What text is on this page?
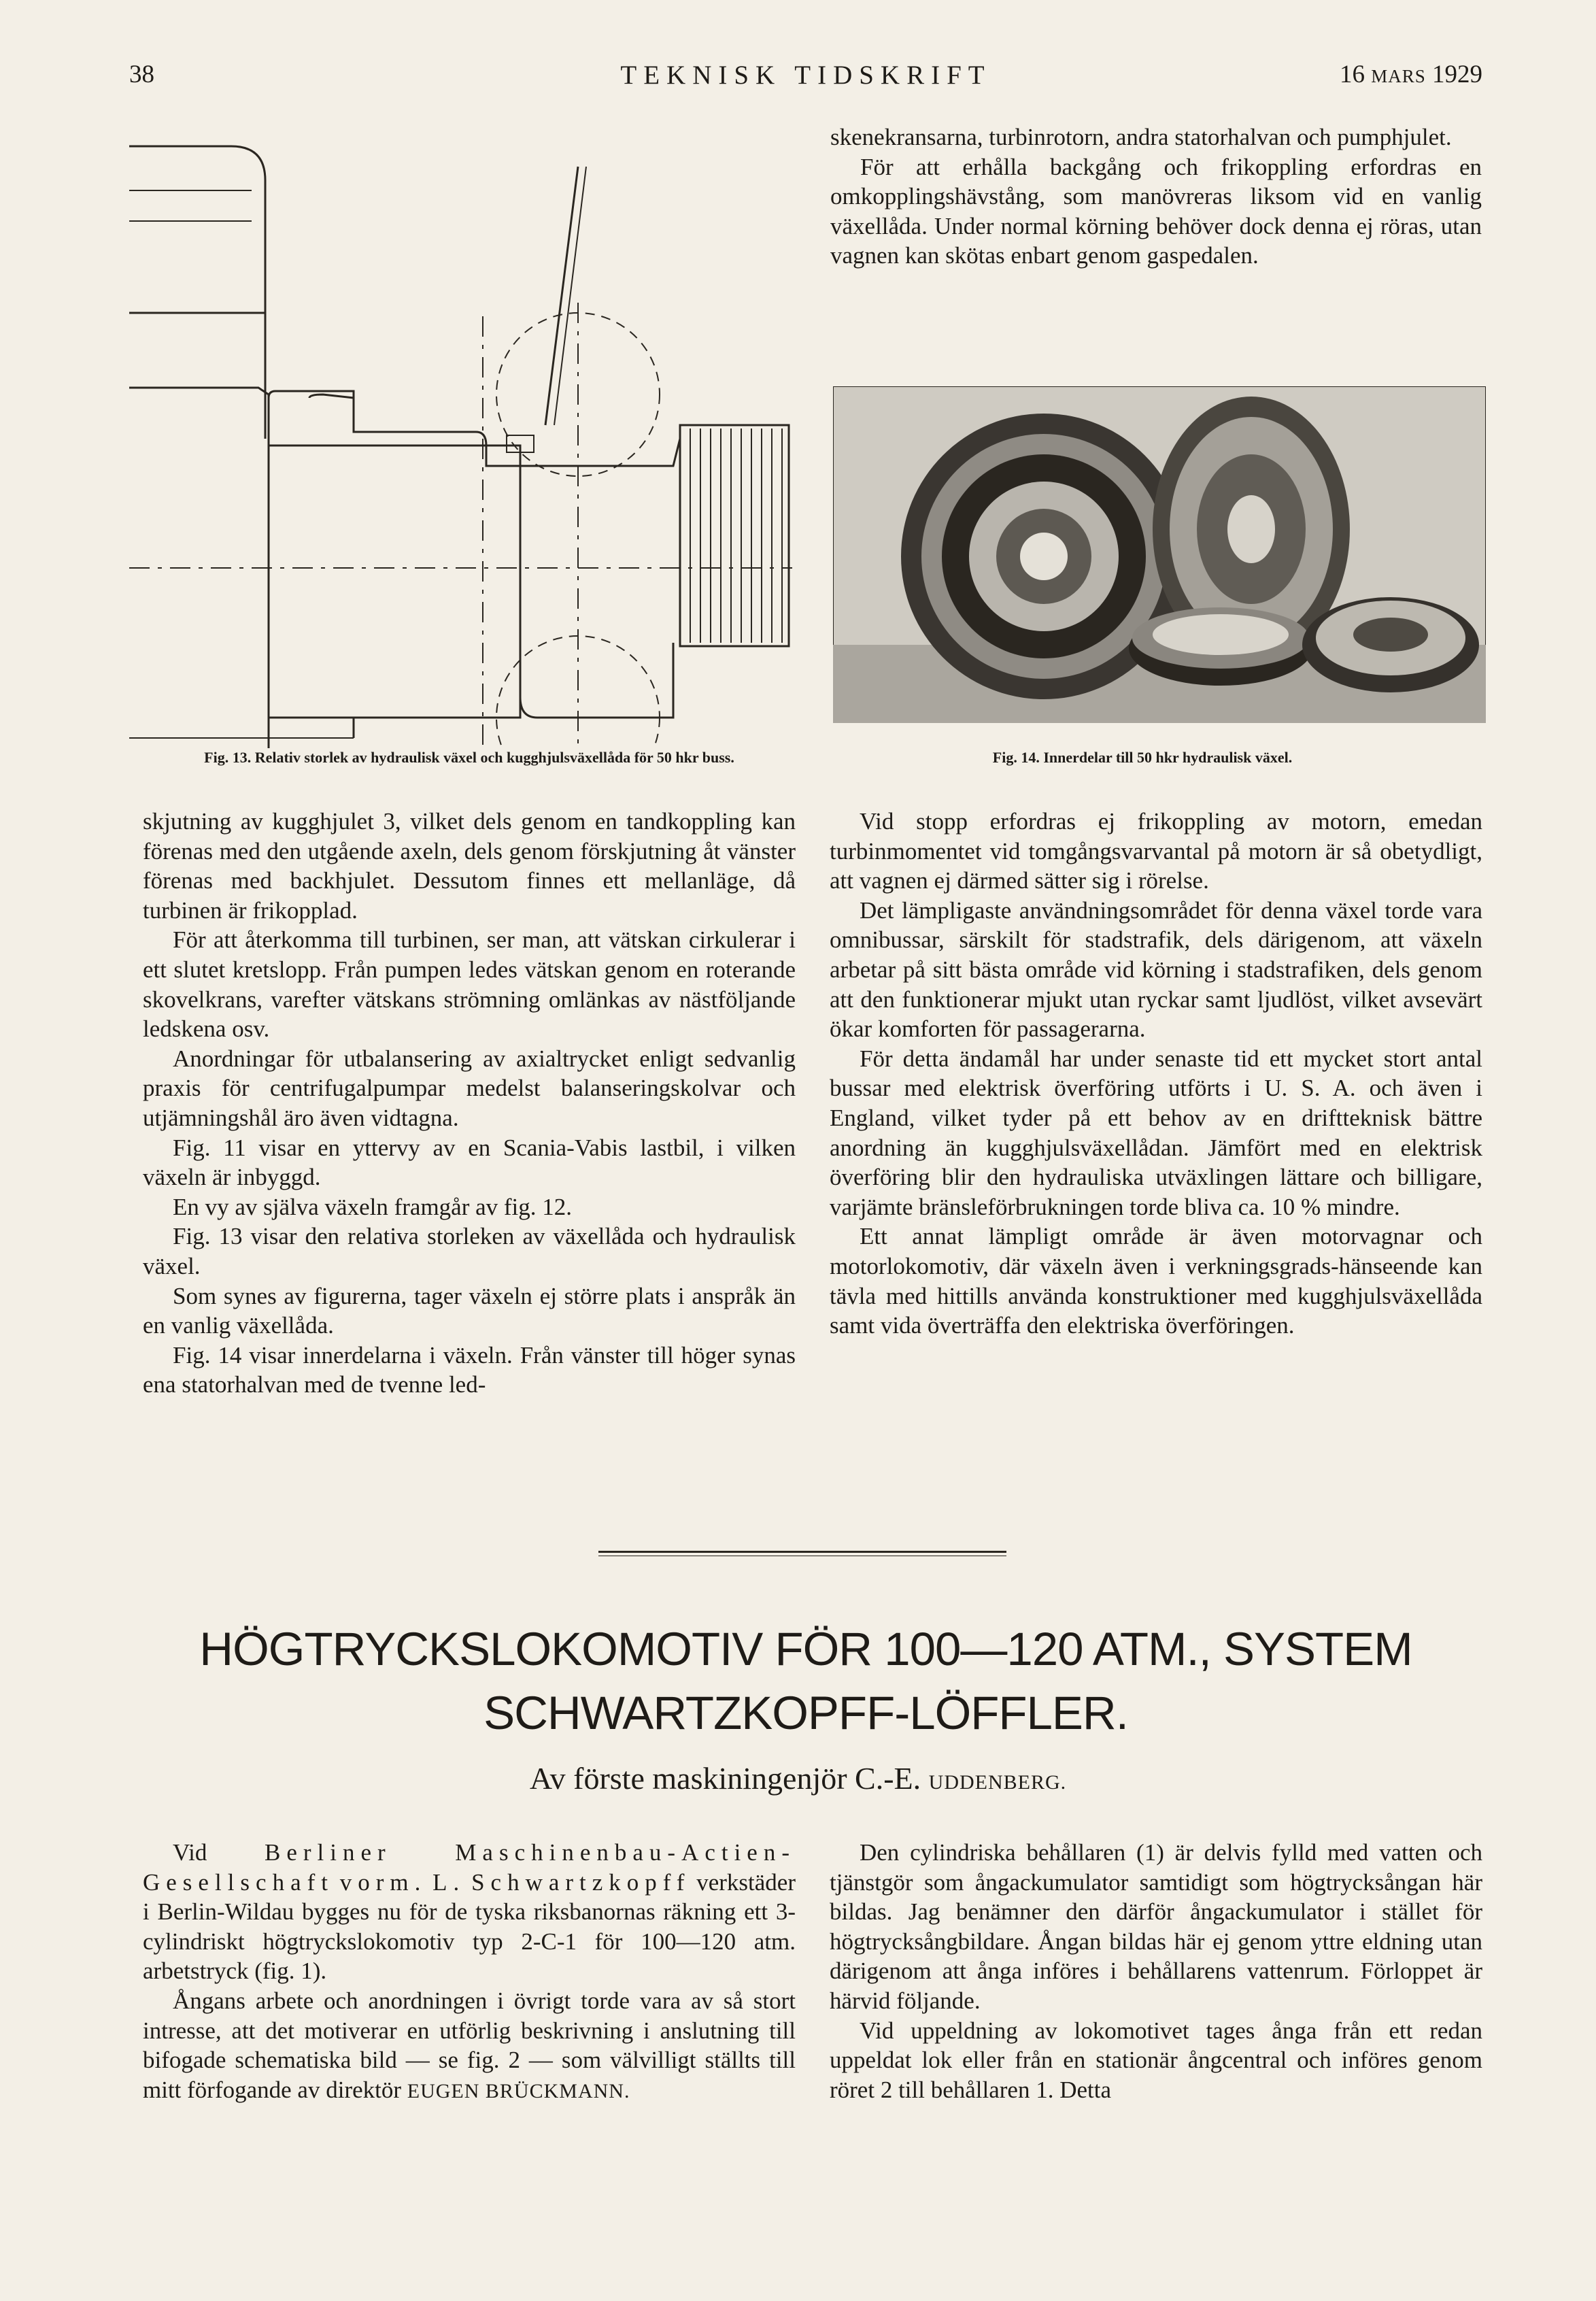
38	TEKNISK TIDSKRIFT	16 MARS 1929
Fig. 13. Relativ storlek av hydraulisk växel och kugghjulsväxellåda för 50 hkr buss.	Fig. 14. Innerdelar till 50 hkr hydraulisk växel.

skenekransarna, turbinrotorn, andra statorhalvan och pumphjulet.

För att erhålla backgång och frikoppling erfordras en omkopplingshävstång, som manövreras liksom vid en vanlig växellåda. Under normal körning behöver dock denna ej röras, utan vagnen kan skötas enbart genom gaspedalen.

skjutning av kugghjulet 3, vilket dels genom en tandkoppling kan förenas med den utgående axeln, dels genom förskjutning åt vänster förenas med backhjulet. Dessutom finnes ett mellanläge, då turbinen är frikopplad.

För att återkomma till turbinen, ser man, att vätskan cirkulerar i ett slutet kretslopp. Från pumpen ledes vätskan genom en roterande skovelkrans, varefter vätskans strömning omlänkas av nästföljande ledskena osv.

Anordningar för utbalansering av axialtrycket enligt sedvanlig praxis för centrifugalpumpar medelst balanseringskolvar och utjämningshål äro även vidtagna.

Fig. 11 visar en yttervy av en Scania-Vabis lastbil, i vilken växeln är inbyggd.

En vy av själva växeln framgår av fig. 12.

Fig. 13 visar den relativa storleken av växellåda och hydraulisk växel.

Som synes av figurerna, tager växeln ej större plats i anspråk än en vanlig växellåda.

Fig. 14 visar innerdelarna i växeln. Från vänster till höger synas ena statorhalvan med de tvenne led-

Vid stopp erfordras ej frikoppling av motorn, emedan turbinmomentet vid tomgångsvarvantal på motorn är så obetydligt, att vagnen ej därmed sätter sig i rörelse.

Det lämpligaste användningsområdet för denna växel torde vara omnibussar, särskilt för stadstrafik, dels därigenom, att växeln arbetar på sitt bästa område vid körning i stadstrafiken, dels genom att den funktionerar mjukt utan ryckar samt ljudlöst, vilket avsevärt ökar komforten för passagerarna.

För detta ändamål har under senaste tid ett mycket stort antal bussar med elektrisk överföring utförts i U. S. A. och även i England, vilket tyder på ett behov av en driftteknisk bättre anordning än kugghjulsväxellådan. Jämfört med en elektrisk överföring blir den hydrauliska utväxlingen lättare och billigare, varjämte bränsleförbrukningen torde bliva ca. 10 % mindre.

Ett annat lämpligt område är även motorvagnar och motorlokomotiv, där växeln även i verkningsgrads-hänseende kan tävla med hittills använda konstruktioner med kugghjulsväxellåda samt vida överträffa den elektriska överföringen.

HÖGTRYCKSLOKOMOTIV FÖR 100—120 ATM., SYSTEM
SCHWARTZKOPFF-LÖFFLER.
Av förste maskiningenjör C.-E. UDDENBERG.

Vid Berliner Maschinenbau-Actien-Gesellschaft vorm. L. Schwartzkopff verkstäder i Berlin-Wildau bygges nu för de tyska riksbanornas räkning ett 3-cylindriskt högtryckslokomotiv typ 2-C-1 för 100—120 atm. arbetstryck (fig. 1).

Ångans arbete och anordningen i övrigt torde vara av så stort intresse, att det motiverar en utförlig beskrivning i anslutning till bifogade schematiska bild — se fig. 2 — som välvilligt ställts till mitt förfogande av direktör EUGEN BRÜCKMANN.

Den cylindriska behållaren (1) är delvis fylld med vatten och tjänstgör som ångackumulator samtidigt som högtrycksångan här bildas. Jag benämner den därför ångackumulator i stället för högtrycksångbildare. Ångan bildas här ej genom yttre eldning utan därigenom att ånga införes i behållarens vattenrum. Förloppet är härvid följande.

Vid uppeldning av lokomotivet tages ånga från ett redan uppeldat lok eller från en stationär ångcentral och införes genom röret 2 till behållaren 1. Detta
